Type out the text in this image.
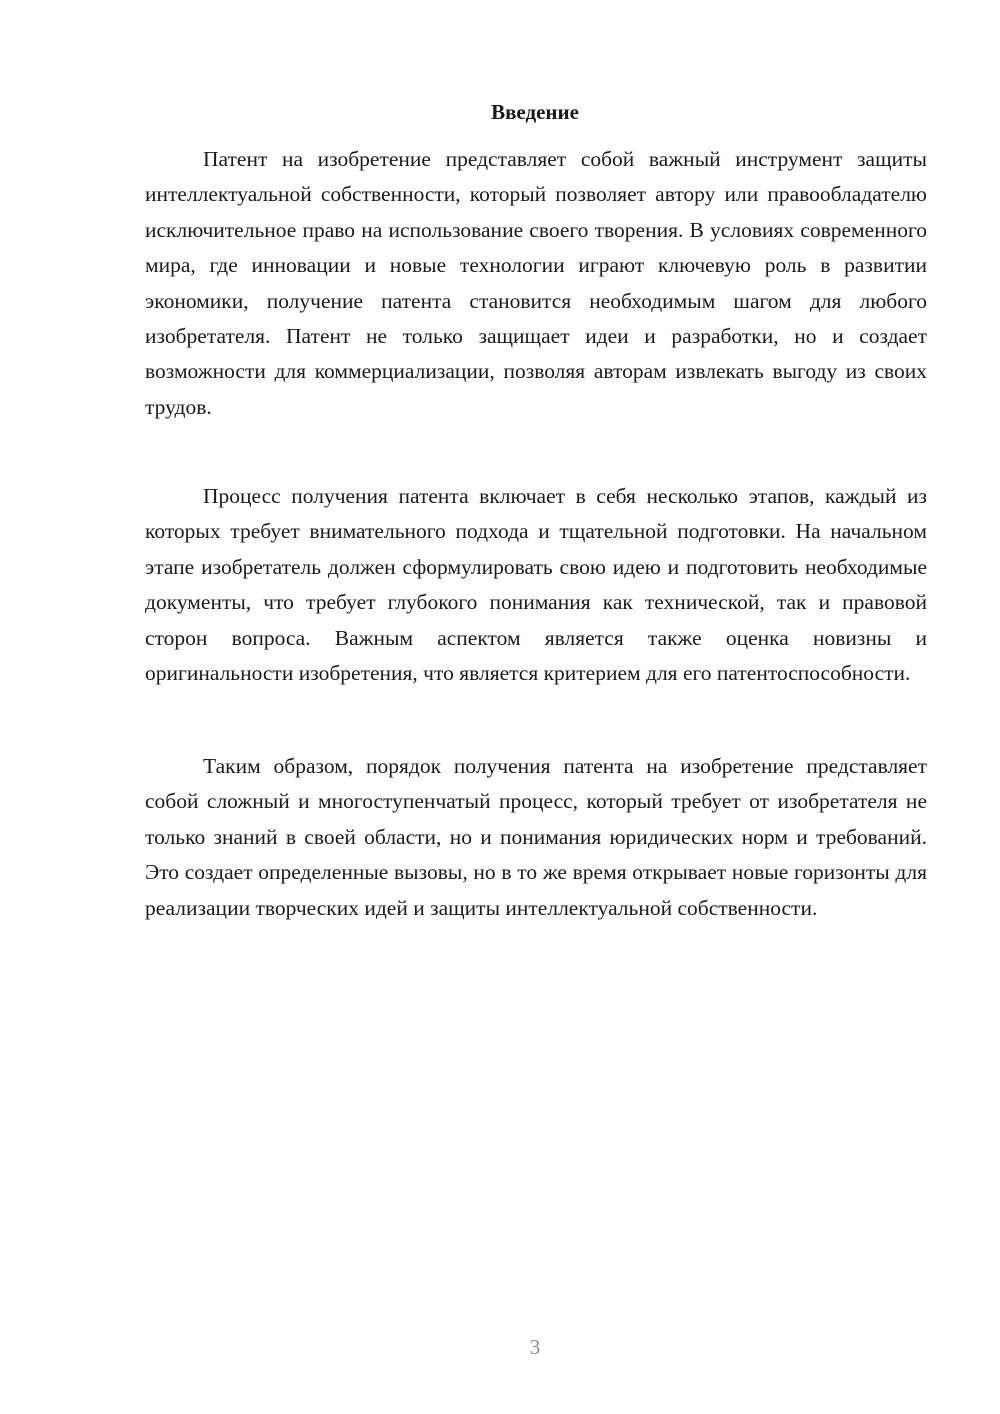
Введение

Патент на изобретение представляет собой важный инструмент защиты интеллектуальной собственности, который позволяет автору или правообладателю исключительное право на использование своего творения. В условиях современного мира, где инновации и новые технологии играют ключевую роль в развитии экономики, получение патента становится необходимым шагом для любого изобретателя. Патент не только защищает идеи и разработки, но и создает возможности для коммерциализации, позволяя авторам извлекать выгоду из своих трудов.

Процесс получения патента включает в себя несколько этапов, каждый из которых требует внимательного подхода и тщательной подготовки. На начальном этапе изобретатель должен сформулировать свою идею и подготовить необходимые документы, что требует глубокого понимания как технической, так и правовой сторон вопроса. Важным аспектом является также оценка новизны и оригинальности изобретения, что является критерием для его патентоспособности.

Таким образом, порядок получения патента на изобретение представляет собой сложный и многоступенчатый процесс, который требует от изобретателя не только знаний в своей области, но и понимания юридических норм и требований. Это создает определенные вызовы, но в то же время открывает новые горизонты для реализации творческих идей и защиты интеллектуальной собственности.

3
